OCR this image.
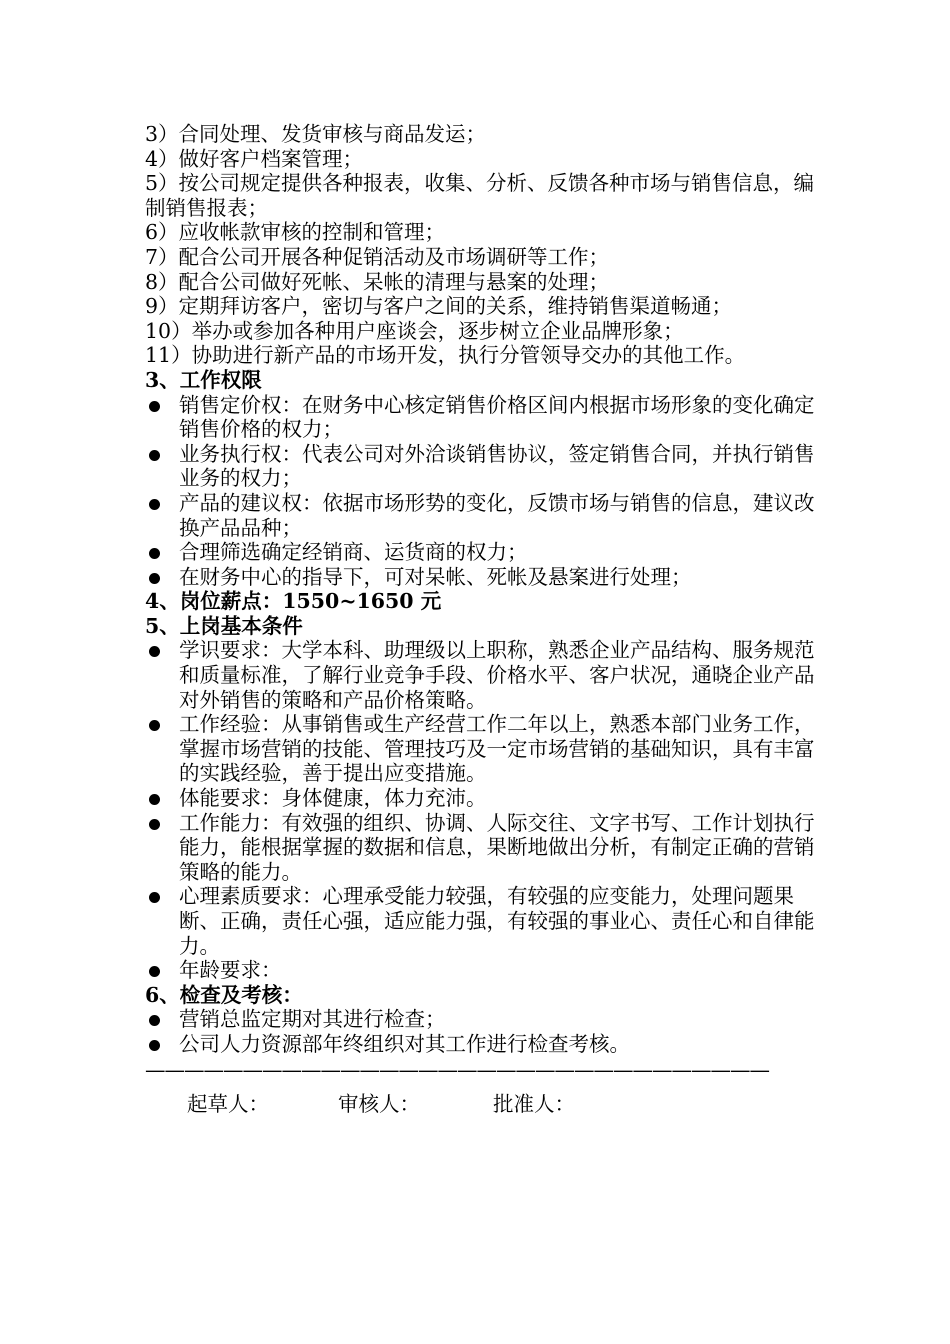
3）合同处理、发货审核与商品发运；
4）做好客户档案管理；
5）按公司规定提供各种报表，收集、分析、反馈各种市场与销售信息，编制销售报表；
6）应收帐款审核的控制和管理；
7）配合公司开展各种促销活动及市场调研等工作；
8）配合公司做好死帐、呆帐的清理与悬案的处理；
9）定期拜访客户，密切与客户之间的关系，维持销售渠道畅通；
10）举办或参加各种用户座谈会，逐步树立企业品牌形象；
11）协助进行新产品的市场开发，执行分管领导交办的其他工作。
3、工作权限
销售定价权：在财务中心核定销售价格区间内根据市场形象的变化确定销售价格的权力；
业务执行权：代表公司对外洽谈销售协议，签定销售合同，并执行销售业务的权力；
产品的建议权：依据市场形势的变化，反馈市场与销售的信息，建议改换产品品种；
合理筛选确定经销商、运货商的权力；
在财务中心的指导下，可对呆帐、死帐及悬案进行处理；
4、岗位薪点：1550~1650 元
5、上岗基本条件
学识要求：大学本科、助理级以上职称，熟悉企业产品结构、服务规范和质量标准，了解行业竞争手段、价格水平、客户状况，通晓企业产品对外销售的策略和产品价格策略。
工作经验：从事销售或生产经营工作二年以上，熟悉本部门业务工作，掌握市场营销的技能、管理技巧及一定市场营销的基础知识，具有丰富的实践经验，善于提出应变措施。
体能要求：身体健康，体力充沛。
工作能力：有效强的组织、协调、人际交往、文字书写、工作计划执行能力，能根据掌握的数据和信息，果断地做出分析，有制定正确的营销策略的能力。
心理素质要求：心理承受能力较强，有较强的应变能力，处理问题果断、正确，责任心强，适应能力强，有较强的事业心、责任心和自律能力。
年龄要求：
6、检查及考核：
营销总监定期对其进行检查；
公司人力资源部年终组织对其工作进行检查考核。
————————————————————————————————
起草人：	审核人：	批准人：
